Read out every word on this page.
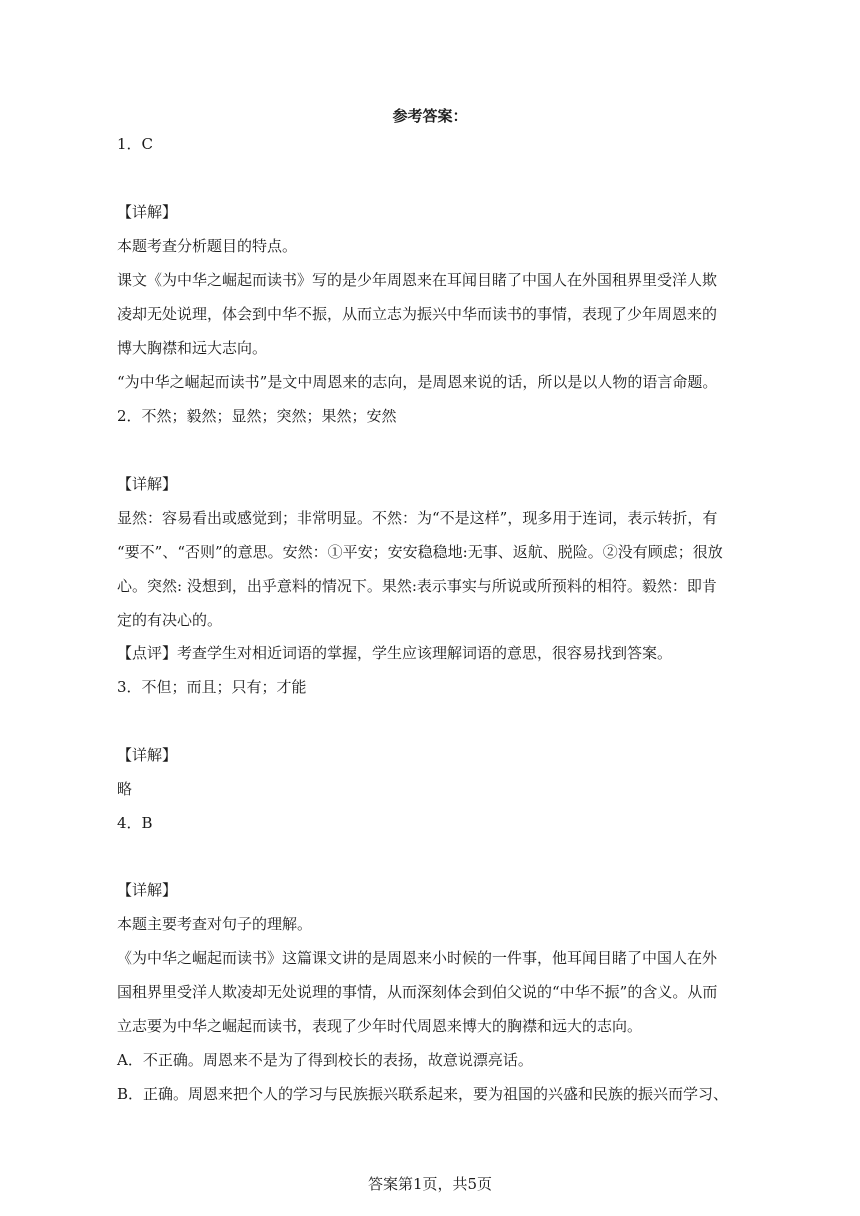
参考答案：
1．C
【详解】
本题考查分析题目的特点。
课文《为中华之崛起而读书》写的是少年周恩来在耳闻目睹了中国人在外国租界里受洋人欺
凌却无处说理，体会到中华不振，从而立志为振兴中华而读书的事情，表现了少年周恩来的
博大胸襟和远大志向。
“为中华之崛起而读书”是文中周恩来的志向，是周恩来说的话，所以是以人物的语言命题。
2．不然；毅然；显然；突然；果然；安然
【详解】
显然：容易看出或感觉到；非常明显。不然：为“不是这样”，现多用于连词，表示转折，有
“要不”、“否则”的意思。安然：①平安；安安稳稳地:无事、返航、脱险。②没有顾虑；很放
心。突然: 没想到，出乎意料的情况下。果然:表示事实与所说或所预料的相符。毅然：即肯
定的有决心的。
【点评】考查学生对相近词语的掌握，学生应该理解词语的意思，很容易找到答案。
3．不但；而且；只有；才能
【详解】
略
4．B
【详解】
本题主要考查对句子的理解。
《为中华之崛起而读书》这篇课文讲的是周恩来小时候的一件事，他耳闻目睹了中国人在外
国租界里受洋人欺凌却无处说理的事情，从而深刻体会到伯父说的“中华不振”的含义。从而
立志要为中华之崛起而读书，表现了少年时代周恩来博大的胸襟和远大的志向。
A．不正确。周恩来不是为了得到校长的表扬，故意说漂亮话。
B．正确。周恩来把个人的学习与民族振兴联系起来，要为祖国的兴盛和民族的振兴而学习、
答案第1页，共5页
